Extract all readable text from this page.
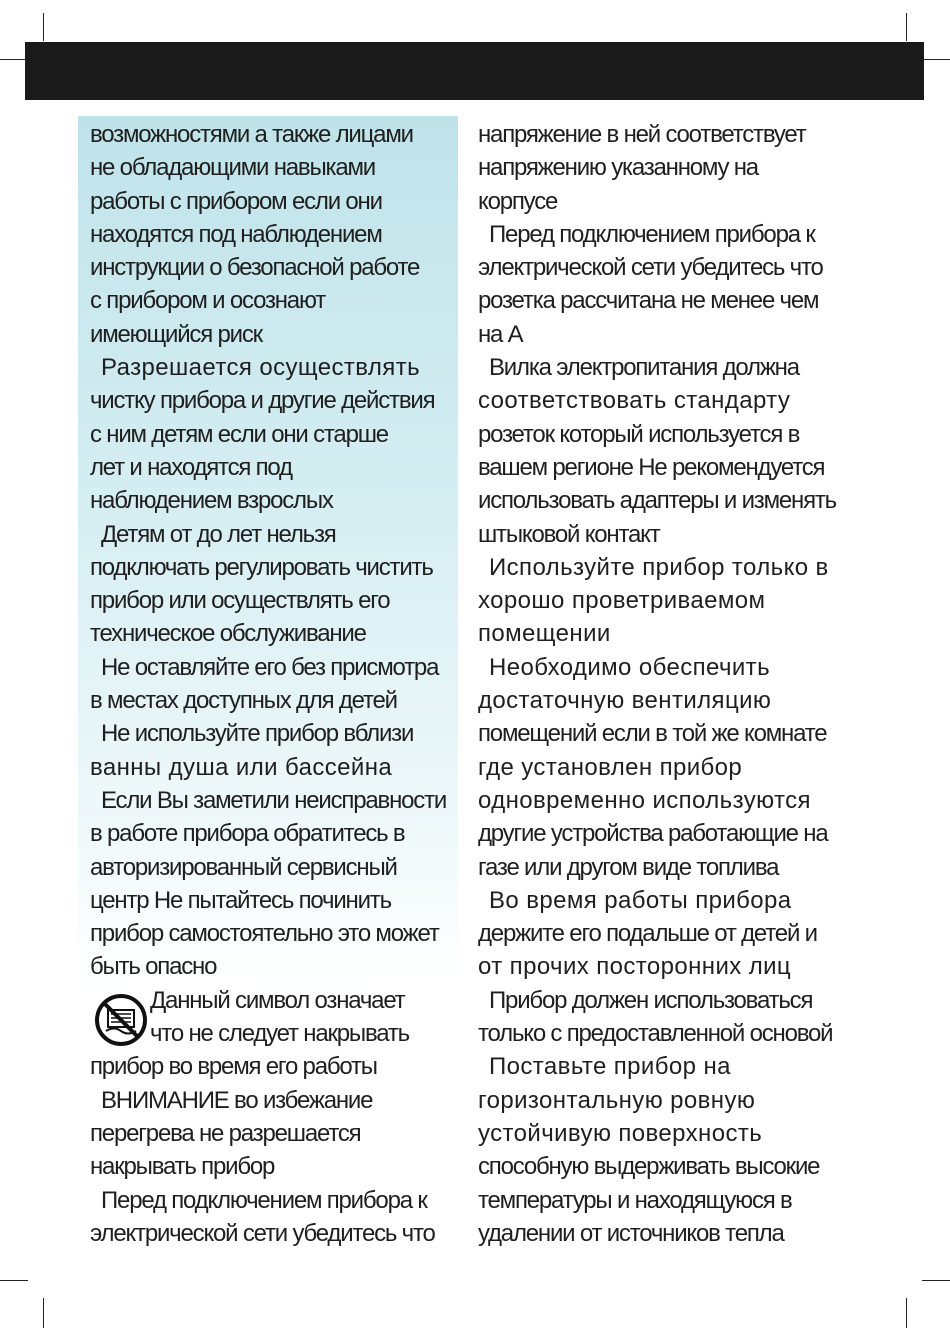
возможностями а также лицами
не обладающими навыками
работы с прибором если они
находятся под наблюдением
инструкции о безопасной работе
с прибором и осознают
имеющийся риск
Разрешается осуществлять
чистку прибора и другие действия
с ним детям если они старше
лет и находятся под
наблюдением взрослых
Детям от до лет нельзя
подключать регулировать чистить
прибор или осуществлять его
техническое обслуживание
Не оставляйте его без присмотра
в местах доступных для детей
Не используйте прибор вблизи
ванны душа или бассейна
Если Вы заметили неисправности
в работе прибора обратитесь в
авторизированный сервисный
центр Не пытайтесь починить
прибор самостоятельно это может
быть опасно
Данный символ означает
что не следует накрывать
прибор во время его работы
ВНИМАНИЕ во избежание
перегрева не разрешается
накрывать прибор
Перед подключением прибора к
электрической сети убедитесь что
напряжение в ней соответствует
напряжению указанному на
корпусе
Перед подключением прибора к
электрической сети убедитесь что
розетка рассчитана не менее чем
на А
Вилка электропитания должна
соответствовать стандарту
розеток который используется в
вашем регионе Не рекомендуется
использовать адаптеры и изменять
штыковой контакт
Используйте прибор только в
хорошо проветриваемом
помещении
Необходимо обеспечить
достаточную вентиляцию
помещений если в той же комнате
где установлен прибор
одновременно используются
другие устройства работающие на
газе или другом виде топлива
Во время работы прибора
держите его подальше от детей и
от прочих посторонних лиц
Прибор должен использоваться
только с предоставленной основой
Поставьте прибор на
горизонтальную ровную
устойчивую поверхность
способную выдерживать высокие
температуры и находящуюся в
удалении от источников тепла
